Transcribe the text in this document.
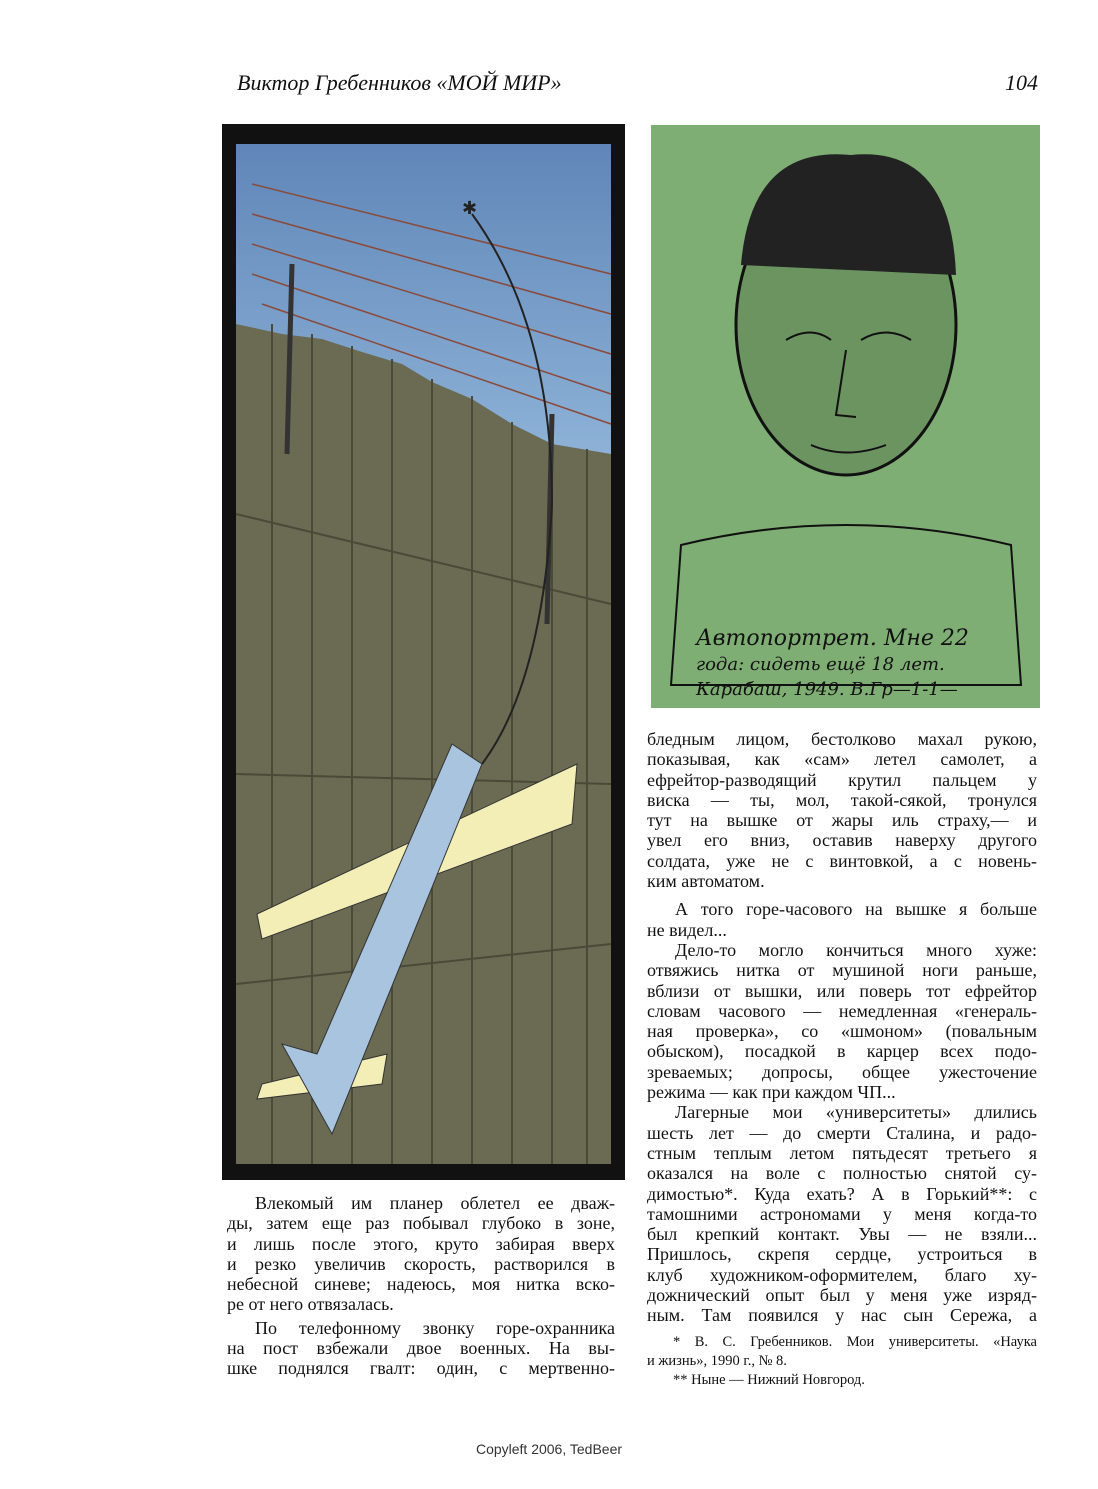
Виктор Гребенников «МОЙ МИР»	104
✱
Автопортрет. Мне 22
года: сидеть ещё 18 лет.
Карабаш, 1949. В.Гр—1-1—
Влекомый им планер облетел ее дваж-
ды, затем еще раз побывал глубоко в зоне,
и лишь после этого, круто забирая вверх
и резко увеличив скорость, растворился в
небесной синеве; надеюсь, моя нитка вско-
ре от него отвязалась.
По телефонному звонку горе-охранника
на пост взбежали двое военных. На вы-
шке поднялся гвалт: один, с мертвенно-
бледным лицом, бестолково махал рукою,
показывая, как «сам» летел самолет, а
ефрейтор-разводящий крутил пальцем у
виска — ты, мол, такой-сякой, тронулся
тут на вышке от жары иль страху,— и
увел его вниз, оставив наверху другого
солдата, уже не с винтовкой, а с новень-
ким автоматом.
А того горе-часового на вышке я больше
не видел...
Дело-то могло кончиться много хуже:
отвяжись нитка от мушиной ноги раньше,
вблизи от вышки, или поверь тот ефрейтор
словам часового — немедленная «генераль-
ная проверка», со «шмоном» (повальным
обыском), посадкой в карцер всех подо-
зреваемых; допросы, общее ужесточение
режима — как при каждом ЧП...
Лагерные мои «университеты» длились
шесть лет — до смерти Сталина, и радо-
стным теплым летом пятьдесят третьего я
оказался на воле с полностью снятой су-
димостью*. Куда ехать? А в Горький**: с
тамошними астрономами у меня когда-то
был крепкий контакт. Увы — не взяли...
Пришлось, скрепя сердце, устроиться в
клуб художником-оформителем, благо ху-
дожнический опыт был у меня уже изряд-
ным. Там появился у нас сын Сережа, а
* В. С. Гребенников. Мои университеты. «Наука
и жизнь», 1990 г., № 8.
** Ныне — Нижний Новгород.
Copyleft 2006, TedBeer
